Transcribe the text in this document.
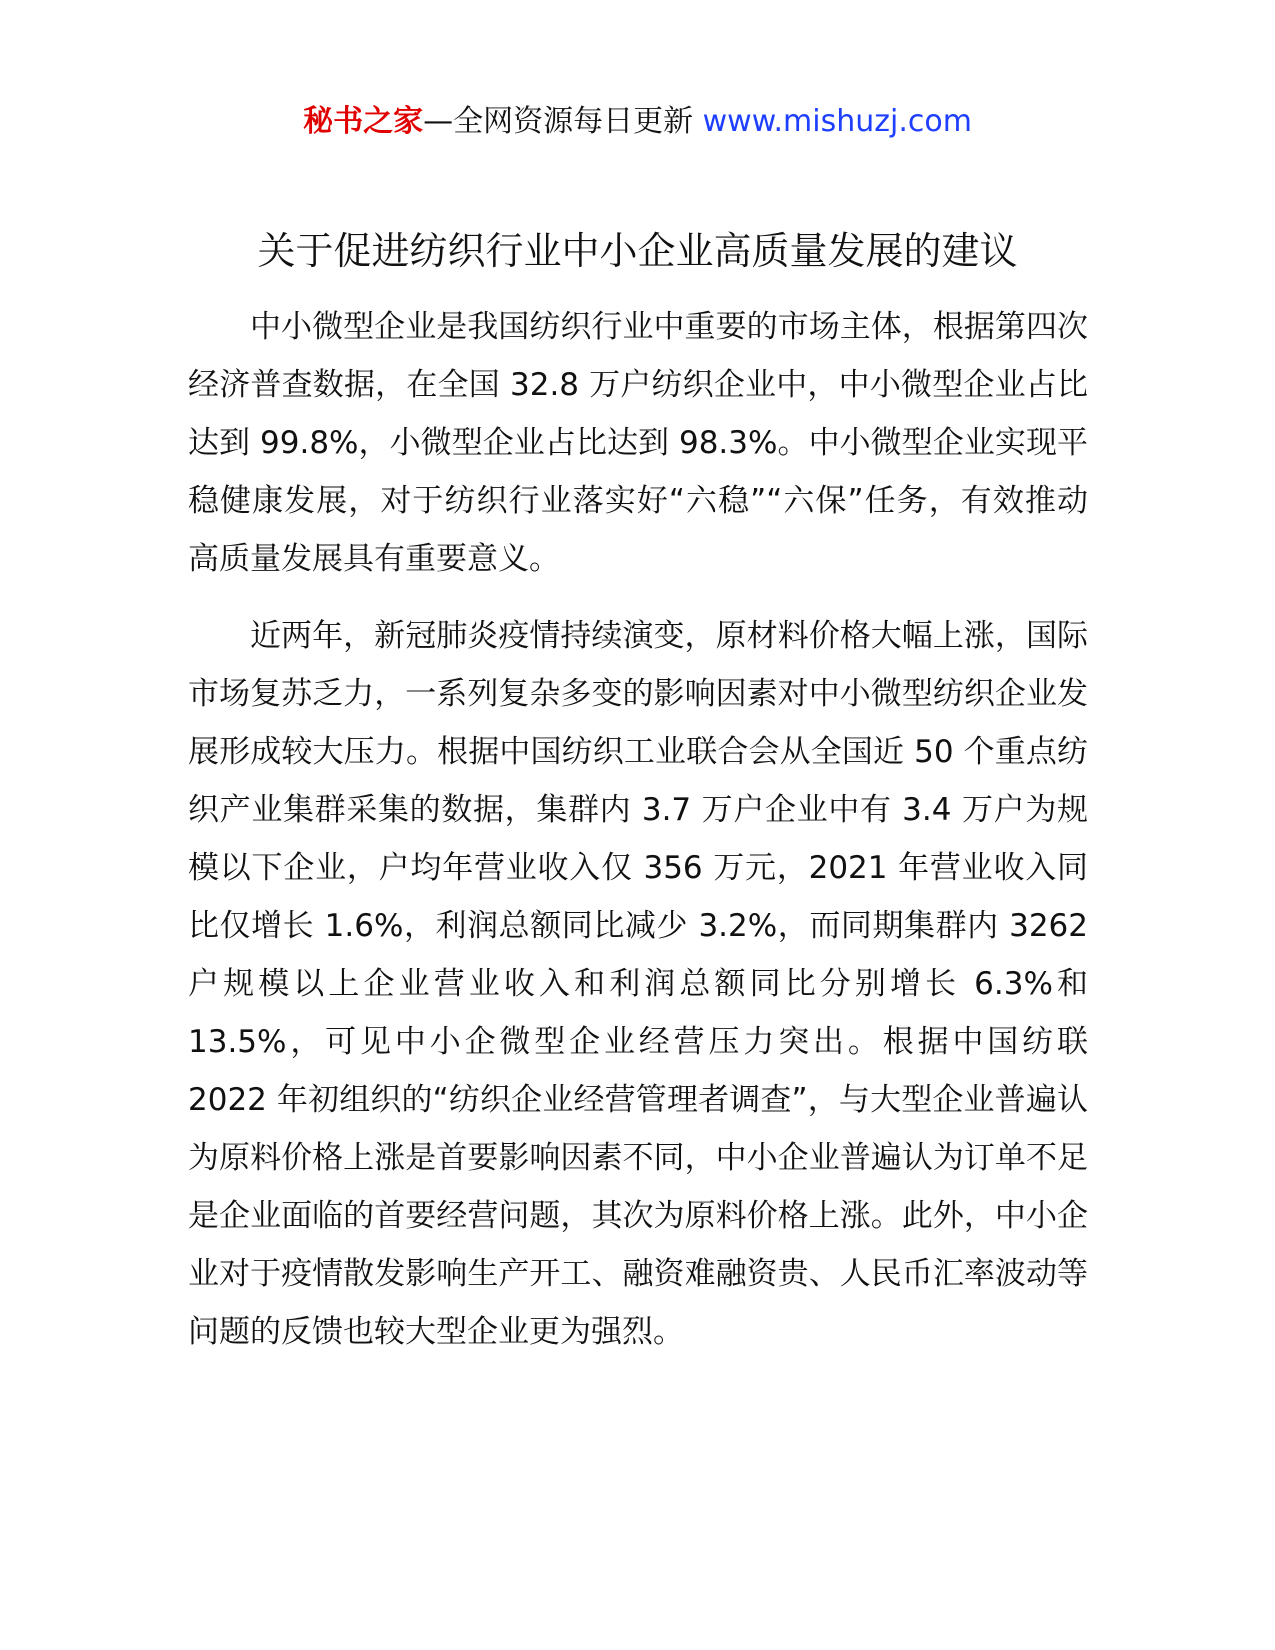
秘书之家—全网资源每日更新 www.mishuzj.com
关于促进纺织行业中小企业高质量发展的建议

中小微型企业是我国纺织行业中重要的市场主体，根据第四次经济普查数据，在全国 32.8 万户纺织企业中，中小微型企业占比达到 99.8%，小微型企业占比达到 98.3%。中小微型企业实现平稳健康发展，对于纺织行业落实好“六稳”“六保”任务，有效推动高质量发展具有重要意义。

近两年，新冠肺炎疫情持续演变，原材料价格大幅上涨，国际市场复苏乏力，一系列复杂多变的影响因素对中小微型纺织企业发展形成较大压力。根据中国纺织工业联合会从全国近 50 个重点纺织产业集群采集的数据，集群内 3.7 万户企业中有 3.4 万户为规模以下企业，户均年营业收入仅 356 万元，2021 年营业收入同比仅增长 1.6%，利润总额同比减少 3.2%，而同期集群内 3262 户规模以上企业营业收入和利润总额同比分别增长 6.3%和 13.5%，可见中小企微型企业经营压力突出。根据中国纺联 2022 年初组织的“纺织企业经营管理者调查”，与大型企业普遍认为原料价格上涨是首要影响因素不同，中小企业普遍认为订单不足是企业面临的首要经营问题，其次为原料价格上涨。此外，中小企业对于疫情散发影响生产开工、融资难融资贵、人民币汇率波动等问题的反馈也较大型企业更为强烈。
